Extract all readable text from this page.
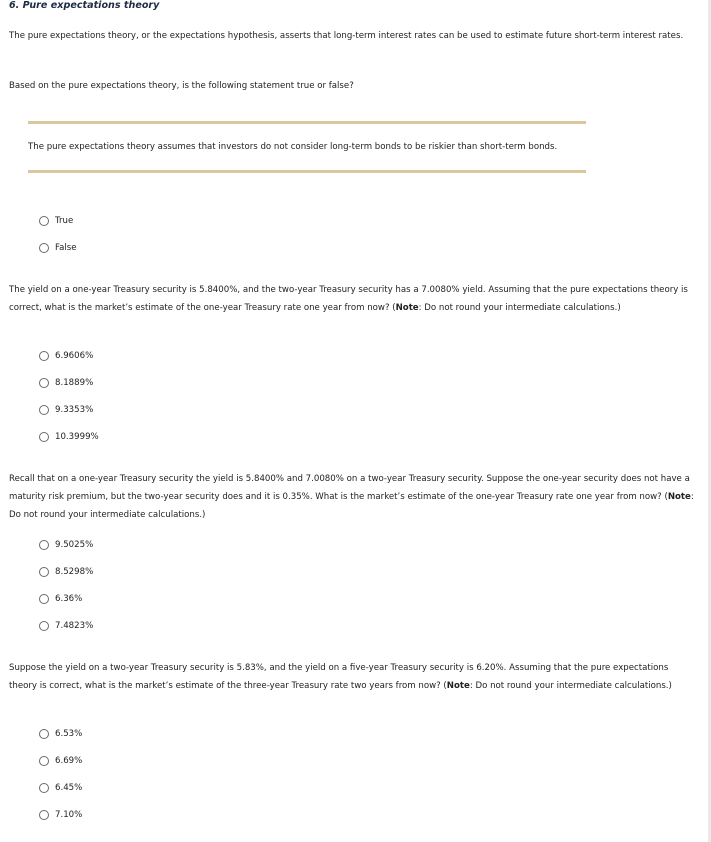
6. Pure expectations theory

The pure expectations theory, or the expectations hypothesis, asserts that long-term interest rates can be used to estimate future short-term interest rates.

Based on the pure expectations theory, is the following statement true or false?

The pure expectations theory assumes that investors do not consider long-term bonds to be riskier than short-term bonds.

True
False

The yield on a one-year Treasury security is 5.8400%, and the two-year Treasury security has a 7.0080% yield. Assuming that the pure expectations theory is correct, what is the market’s estimate of the one-year Treasury rate one year from now? (Note: Do not round your intermediate calculations.)

6.9606%
8.1889%
9.3353%
10.3999%

Recall that on a one-year Treasury security the yield is 5.8400% and 7.0080% on a two-year Treasury security. Suppose the one-year security does not have a maturity risk premium, but the two-year security does and it is 0.35%. What is the market’s estimate of the one-year Treasury rate one year from now? (Note: Do not round your intermediate calculations.)

9.5025%
8.5298%
6.36%
7.4823%

Suppose the yield on a two-year Treasury security is 5.83%, and the yield on a five-year Treasury security is 6.20%. Assuming that the pure expectations theory is correct, what is the market’s estimate of the three-year Treasury rate two years from now? (Note: Do not round your intermediate calculations.)

6.53%
6.69%
6.45%
7.10%
